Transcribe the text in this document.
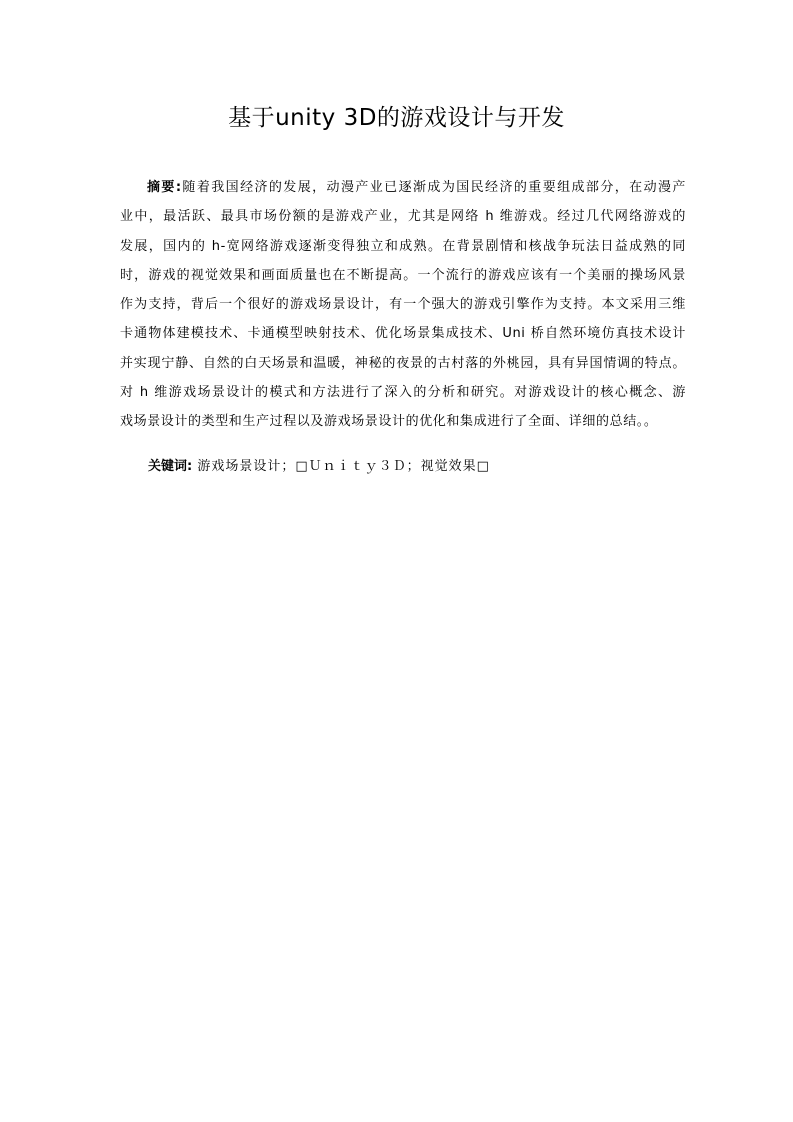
基于unity 3D的游戏设计与开发
摘要:随着我国经济的发展，动漫产业已逐渐成为国民经济的重要组成部分，在动漫产
业中，最活跃、最具市场份额的是游戏产业，尤其是网络 h 维游戏。经过几代网络游戏的
发展，国内的 h-宽网络游戏逐渐变得独立和成熟。在背景剧情和核战争玩法日益成熟的同
时，游戏的视觉效果和画面质量也在不断提高。一个流行的游戏应该有一个美丽的操场风景
作为支持，背后一个很好的游戏场景设计，有一个强大的游戏引擎作为支持。本文采用三维
卡通物体建模技术、卡通模型映射技术、优化场景集成技术、Uni 桥自然环境仿真技术设计
并实现宁静、自然的白天场景和温暖，神秘的夜景的古村落的外桃园，具有异国情调的特点。
对 h 维游戏场景设计的模式和方法进行了深入的分析和研究。对游戏设计的核心概念、游
戏场景设计的类型和生产过程以及游戏场景设计的优化和集成进行了全面、详细的总结。。
关键词: 游戏场景设计；□Ｕｎｉｔｙ３Ｄ；视觉效果□
